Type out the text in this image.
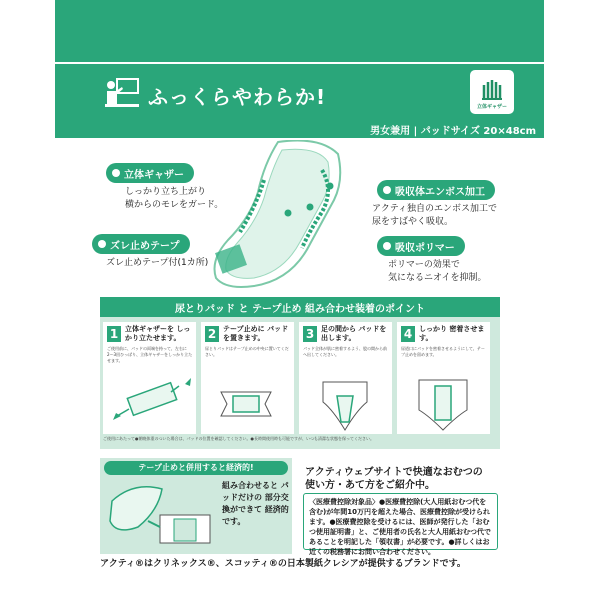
ふっくらやわらか!	立体ギャザー
男女兼用 | パッドサイズ 20×48cm
立体ギャザー
しっかり立ち上がり
横からのモレをガード。
ズレ止めテープ
ズレ止めテープ付(1カ所)
吸収体エンボス加工
アクティ独自のエンボス加工で
尿をすばやく吸収。
吸収ポリマー
ポリマーの効果で
気になるニオイを抑制。
尿とりパッド と テープ止め 組み合わせ装着のポイント
1 立体ギャザーを しっかり立たせます。
ご使用前に、パッドの両端を持って、左右に2〜3回ひっぱり、立体ギャザーをしっかり立たせます。
2 テープ止めに パッドを置きます。
尿とりパッドはテープ止めの中央に置いてください。
3 足の間から パッドを出します。
パッド全体が肌に密着するよう、股の間から前へ出してください。
4 しっかり 密着させます。
尿道口にパッドを密着させるようにして、テープ止めを留めます。
ご使用にあたって●朝晩体重のついた場合は、パッドの位置を確認してください。●長時間使用時も可能ですが、いつも清潔な状態を保ってください。
テープ止めと併用すると経済的!
組み合わせると パッドだけの 部分交換ができて 経済的です。
アクティウェブサイトで快適なおむつの
使い方・あて方をご紹介中。
〈医療費控除対象品〉●医療費控除(大人用紙おむつ代を含む)が年間10万円を超えた場合、医療費控除が受けられます。●医療費控除を受けるには、医師が発行した「おむつ使用証明書」と、ご使用者の氏名と大人用紙おむつ代であることを明記した「領収書」が必要です。●詳しくはお近くの税務署にお問い合わせください。
アクティ®はクリネックス®、スコッティ®の日本製紙クレシアが提供するブランドです。
